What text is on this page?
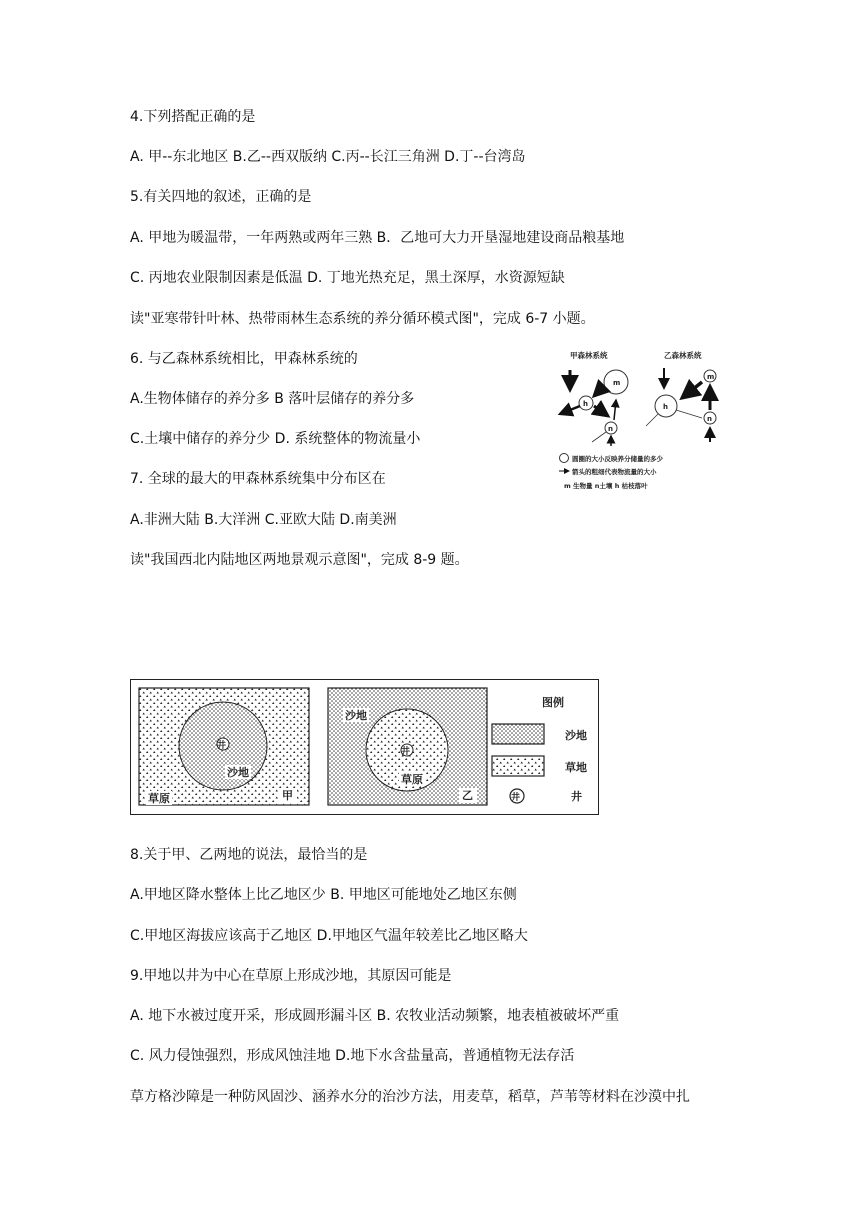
4.下列搭配正确的是
A. 甲--东北地区 B.乙--西双版纳 C.丙--长江三角洲 D.丁--台湾岛
5.有关四地的叙述，正确的是
A. 甲地为暖温带，一年两熟或两年三熟 B．乙地可大力开垦湿地建设商品粮基地
C. 丙地农业限制因素是低温 D. 丁地光热充足，黑土深厚，水资源短缺
读"亚寒带针叶林、热带雨林生态系统的养分循环模式图"，完成 6-7 小题。
6. 与乙森林系统相比，甲森林系统的
A.生物体储存的养分多 B 落叶层储存的养分多
C.土壤中储存的养分少 D. 系统整体的物流量小
7. 全球的最大的甲森林系统集中分布区在
A.非洲大陆 B.大洋洲 C.亚欧大陆 D.南美洲
读"我国西北内陆地区两地景观示意图"，完成 8-9 题。
甲森林系统	乙森林系统
m
h
n
h
m
n
圆圈的大小反映养分储量的多少
箭头的粗细代表物流量的大小
m 生物量 n土壤 h 枯枝落叶
井
沙地
草原	甲
井
沙地
草原
乙
图例
沙地
草地
井	井
8.关于甲、乙两地的说法，最恰当的是
A.甲地区降水整体上比乙地区少 B. 甲地区可能地处乙地区东侧
C.甲地区海拔应该高于乙地区 D.甲地区气温年较差比乙地区略大
9.甲地以井为中心在草原上形成沙地，其原因可能是
A. 地下水被过度开采，形成圆形漏斗区 B. 农牧业活动频繁，地表植被破坏严重
C. 风力侵蚀强烈，形成风蚀洼地 D.地下水含盐量高，普通植物无法存活
草方格沙障是一种防风固沙、涵养水分的治沙方法，用麦草，稻草，芦苇等材料在沙漠中扎
